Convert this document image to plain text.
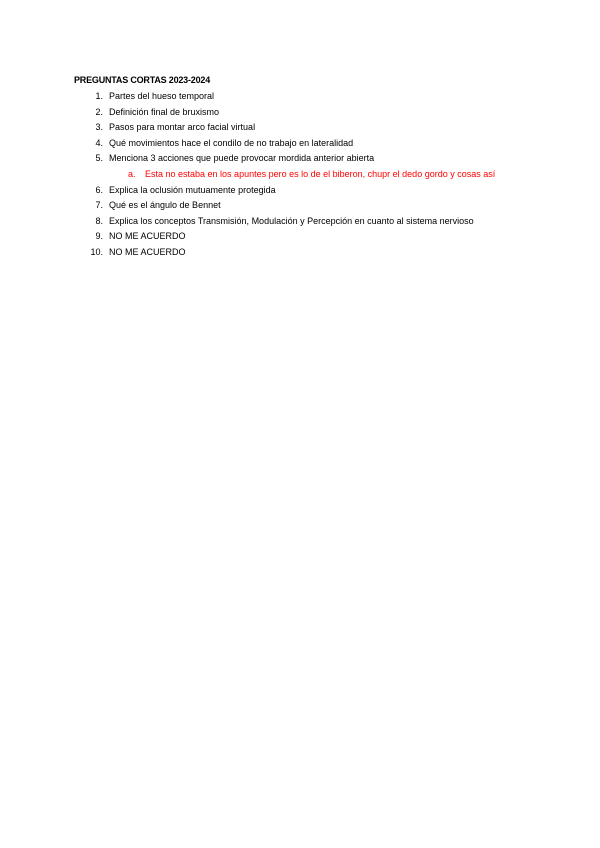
PREGUNTAS CORTAS 2023-2024
1. Partes del hueso temporal
2. Definición final de bruxismo
3. Pasos para montar arco facial virtual
4. Qué movimientos hace el condilo de no trabajo en lateralidad
5. Menciona 3 acciones que puede provocar mordida anterior abierta
a. Esta no estaba en los apuntes pero es lo de el biberon, chupr el dedo gordo y cosas así
6. Explica la oclusión mutuamente protegida
7. Qué es el ángulo de Bennet
8. Explica los conceptos Transmisión, Modulación y Percepción en cuanto al sistema nervioso
9. NO ME ACUERDO
10. NO ME ACUERDO
